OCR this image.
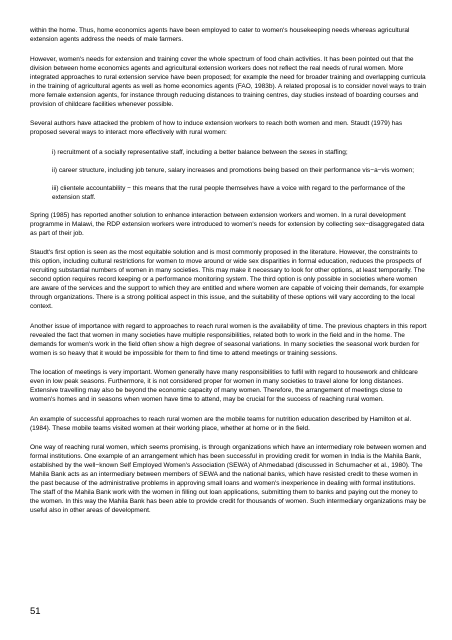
within the home. Thus, home economics agents have been employed to cater to women's housekeeping needs whereas agricultural extension agents address the needs of male farmers.

However, women's needs for extension and training cover the whole spectrum of food chain activities. It has been pointed out that the division between home economics agents and agricultural extension workers does not reflect the real needs of rural women. More integrated approaches to rural extension service have been proposed; for example the need for broader training and overlapping curricula in the training of agricultural agents as well as home economics agents (FAO, 1983b). A related proposal is to consider novel ways to train more female extension agents, for instance through reducing distances to training centres, day studies instead of boarding courses and provision of childcare facilities whenever possible.

Several authors have attacked the problem of how to induce extension workers to reach both women and men. Staudt (1979) has proposed several ways to interact more effectively with rural women:

i) recruitment of a socially representative staff, including a better balance between the sexes in staffing;

ii) career structure, including job tenure, salary increases and promotions being based on their performance vis−a−vis women;

iii) clientele accountability − this means that the rural people themselves have a voice with regard to the performance of the extension staff.

Spring (1985) has reported another solution to enhance interaction between extension workers and women. In a rural development programme in Malawi, the RDP extension workers were introduced to women's needs for extension by collecting sex−disaggregated data as part of their job.

Staudt's first option is seen as the most equitable solution and is most commonly proposed in the literature. However, the constraints to this option, including cultural restrictions for women to move around or wide sex disparities in formal education, reduces the prospects of recruiting substantial numbers of women in many societies. This may make it necessary to look for other options, at least temporarily. The second option requires record keeping or a performance monitoring system. The third option is only possible in societies where women are aware of the services and the support to which they are entitled and where women are capable of voicing their demands, for example through organizations. There is a strong political aspect in this issue, and the suitability of these options will vary according to the local context.

Another issue of importance with regard to approaches to reach rural women is the availability of time. The previous chapters in this report revealed the fact that women in many societies have multiple responsibilities, related both to work in the field and in the home. The demands for women's work in the field often show a high degree of seasonal variations. In many societies the seasonal work burden for women is so heavy that it would be impossible for them to find time to attend meetings or training sessions.

The location of meetings is very important. Women generally have many responsibilities to fulfil with regard to housework and childcare even in low peak seasons. Furthermore, it is not considered proper for women in many societies to travel alone for long distances. Extensive travelling may also be beyond the economic capacity of many women. Therefore, the arrangement of meetings close to women's homes and in seasons when women have time to attend, may be crucial for the success of reaching rural women.

An example of successful approaches to reach rural women are the mobile teams for nutrition education described by Hamilton et al. (1984). These mobile teams visited women at their working place, whether at home or in the field.

One way of reaching rural women, which seems promising, is through organizations which have an intermediary role between women and formal institutions. One example of an arrangement which has been successful in providing credit for women in India is the Mahila Bank, established by the well−known Self Employed Women's Association (SEWA) of Ahmedabad (discussed in Schumacher et al., 1980). The Mahila Bank acts as an intermediary between members of SEWA and the national banks, which have resisted credit to these women in the past because of the administrative problems in approving small loans and women's inexperience in dealing with formal institutions. The staff of the Mahila Bank work with the women in filling out loan applications, submitting them to banks and paying out the money to the women. In this way the Mahila Bank has been able to provide credit for thousands of women. Such intermediary organizations may be useful also in other areas of development.

51
